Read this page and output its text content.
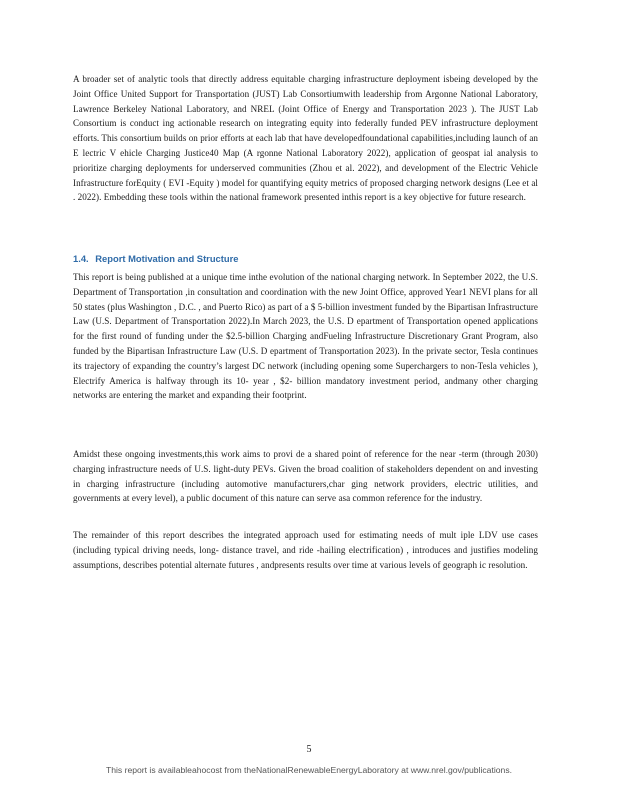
A broader set of analytic tools that directly address equitable charging infrastructure deployment isbeing developed by the Joint Office United Support for Transportation (JUST) Lab Consortiumwith leadership from Argonne National Laboratory, Lawrence Berkeley National Laboratory, and NREL (Joint Office of Energy and Transportation 2023 ). The JUST Lab Consortium is conduct ing actionable research on integrating equity into federally funded PEV infrastructure deployment efforts. This consortium builds on prior efforts at each lab that have developedfoundational capabilities,including launch of an E lectric V ehicle Charging Justice40 Map (A rgonne National Laboratory 2022), application of geospat ial analysis to prioritize charging deployments for underserved communities (Zhou et al. 2022), and development of the Electric Vehicle Infrastructure forEquity ( EVI -Equity ) model for quantifying equity metrics of proposed charging network designs (Lee et al . 2022). Embedding these tools within the national framework presented inthis report is a key objective for future research.

1.4. Report Motivation and Structure

This report is being published at a unique time inthe evolution of the national charging network. In September 2022, the U.S. Department of Transportation ,in consultation and coordination with the new Joint Office, approved Year1 NEVI plans for all 50 states (plus Washington , D.C. , and Puerto Rico) as part of a $ 5-billion investment funded by the Bipartisan Infrastructure Law (U.S. Department of Transportation 2022).In March 2023, the U.S. D epartment of Transportation opened applications for the first round of funding under the $2.5-billion Charging andFueling Infrastructure Discretionary Grant Program, also funded by the Bipartisan Infrastructure Law (U.S. D epartment of Transportation 2023). In the private sector, Tesla continues its trajectory of expanding the country’s largest DC network (including opening some Superchargers to non-Tesla vehicles ), Electrify America is halfway through its 10- year , $2- billion mandatory investment period, andmany other charging networks are entering the market and expanding their footprint.

Amidst these ongoing investments,this work aims to provi de a shared point of reference for the near -term (through 2030) charging infrastructure needs of U.S. light-duty PEVs. Given the broad coalition of stakeholders dependent on and investing in charging infrastructure (including automotive manufacturers,char ging network providers, electric utilities, and governments at every level), a public document of this nature can serve asa common reference for the industry.

The remainder of this report describes the integrated approach used for estimating needs of mult iple LDV use cases (including typical driving needs, long- distance travel, and ride -hailing electrification) , introduces and justifies modeling assumptions, describes potential alternate futures , andpresents results over time at various levels of geograph ic resolution.

5
This report is availableahocost from theNationalRenewableEnergyLaboratory at www.nrel.gov/publications.
